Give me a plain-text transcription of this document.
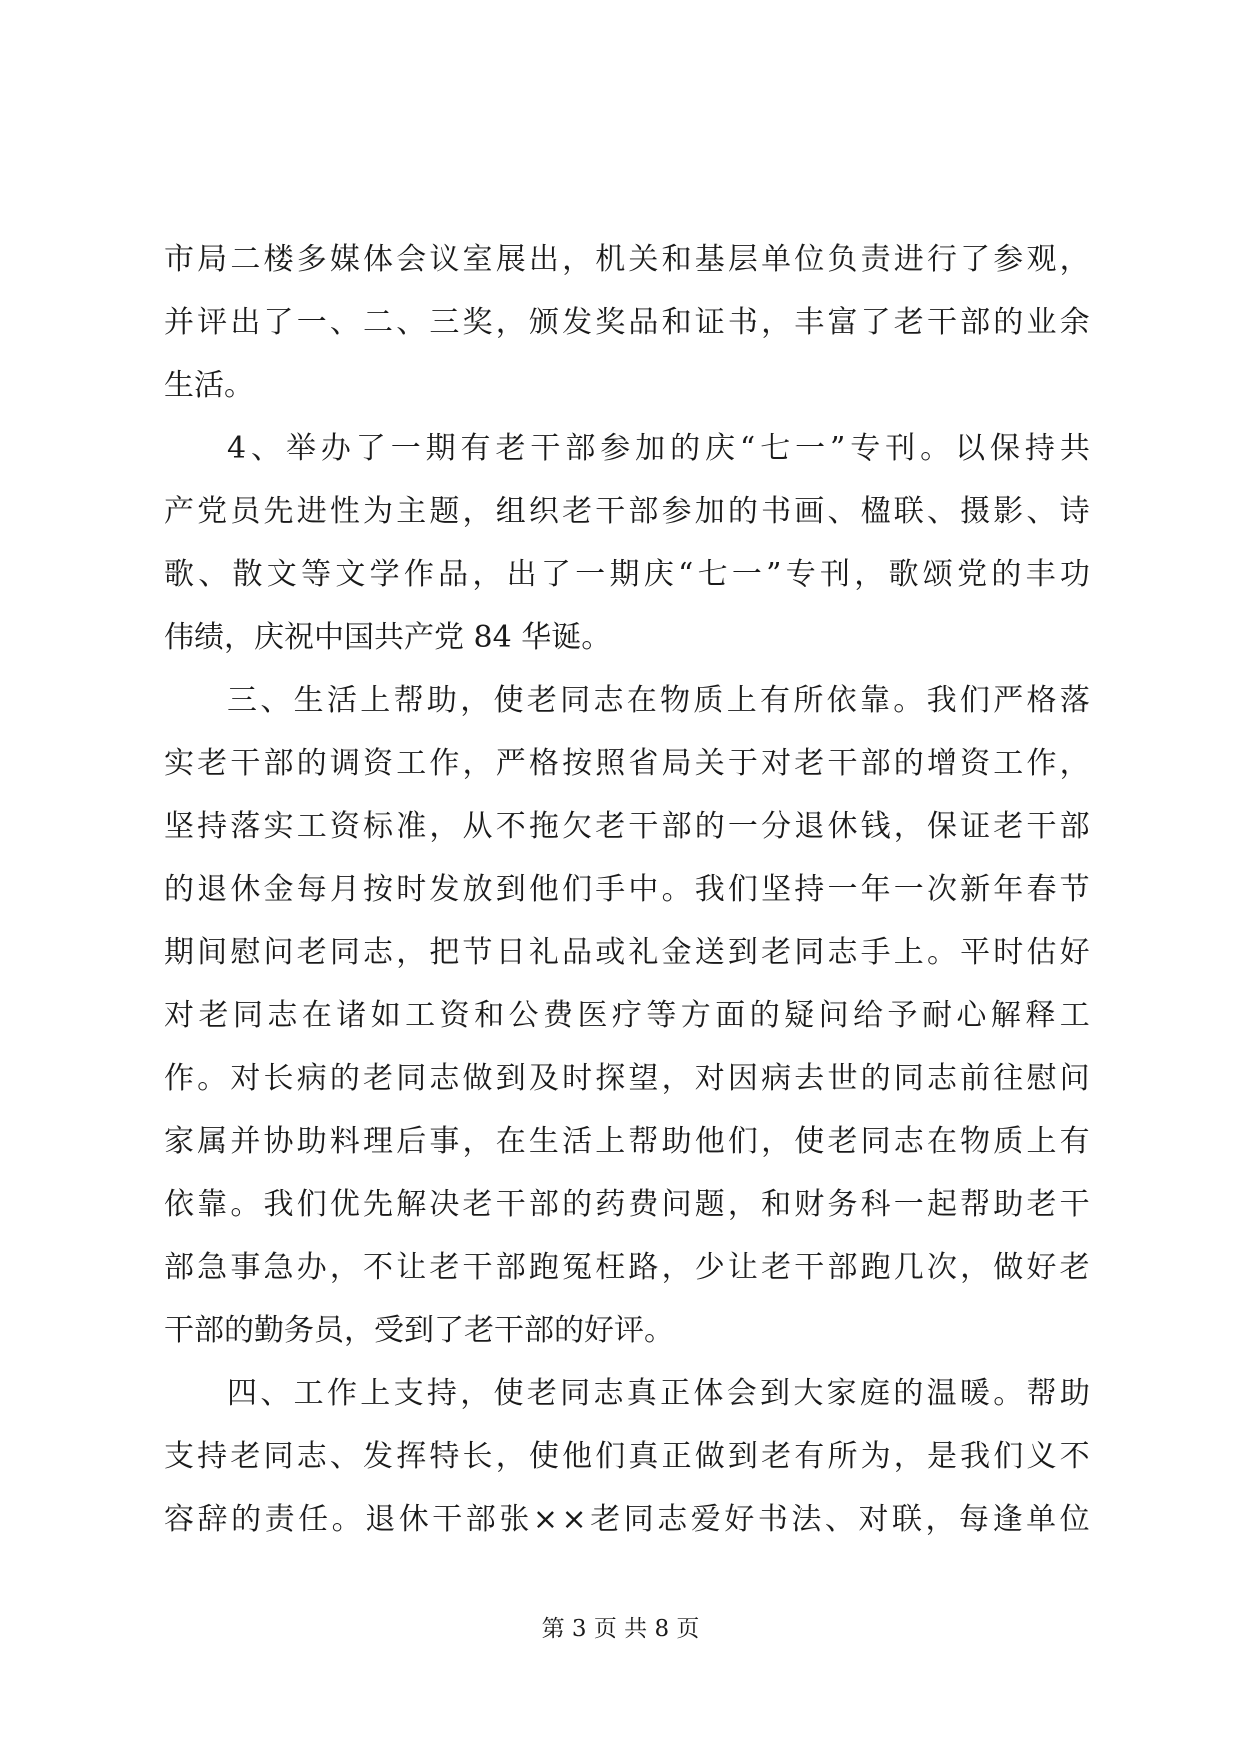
市 局 二 楼 多 媒 体 会 议 室 展 出 ， 机 关 和 基 层 单 位 负 责 进 行 了 参 观 ，
并 评 出 了 一 、 二 、 三 奖 ， 颁 发 奖 品 和 证 书 ， 丰 富 了 老 干 部 的 业 余
生活。
4 、 举 办 了 一 期 有 老 干 部 参 加 的 庆 “ 七 一 ” 专 刊 。 以 保 持 共
产 党 员 先 进 性 为 主 题 ， 组 织 老 干 部 参 加 的 书 画 、 楹 联 、 摄 影 、 诗
歌 、 散 文 等 文 学 作 品 ， 出 了 一 期 庆 “ 七 一 ” 专 刊 ， 歌 颂 党 的 丰 功
伟绩，庆祝中国共产党 84 华诞。
三 、 生 活 上 帮 助 ， 使 老 同 志 在 物 质 上 有 所 依 靠 。 我 们 严 格 落
实 老 干 部 的 调 资 工 作 ， 严 格 按 照 省 局 关 于 对 老 干 部 的 增 资 工 作 ，
坚 持 落 实 工 资 标 准 ， 从 不 拖 欠 老 干 部 的 一 分 退 休 钱 ， 保 证 老 干 部
的 退 休 金 每 月 按 时 发 放 到 他 们 手 中 。 我 们 坚 持 一 年 一 次 新 年 春 节
期 间 慰 问 老 同 志 ， 把 节 日 礼 品 或 礼 金 送 到 老 同 志 手 上 。 平 时 估 好
对 老 同 志 在 诸 如 工 资 和 公 费 医 疗 等 方 面 的 疑 问 给 予 耐 心 解 释 工
作 。 对 长 病 的 老 同 志 做 到 及 时 探 望 ， 对 因 病 去 世 的 同 志 前 往 慰 问
家 属 并 协 助 料 理 后 事 ， 在 生 活 上 帮 助 他 们 ， 使 老 同 志 在 物 质 上 有
依 靠 。 我 们 优 先 解 决 老 干 部 的 药 费 问 题 ， 和 财 务 科 一 起 帮 助 老 干
部 急 事 急 办 ， 不 让 老 干 部 跑 冤 枉 路 ， 少 让 老 干 部 跑 几 次 ， 做 好 老
干部的勤务员，受到了老干部的好评。
四 、 工 作 上 支 持 ， 使 老 同 志 真 正 体 会 到 大 家 庭 的 温 暖 。 帮 助
支 持 老 同 志 、 发 挥 特 长 ， 使 他 们 真 正 做 到 老 有 所 为 ， 是 我 们 义 不
容 辞 的 责 任 。 退 休 干 部 张 × × 老 同 志 爱 好 书 法 、 对 联 ， 每 逢 单 位
第 3 页 共 8 页
